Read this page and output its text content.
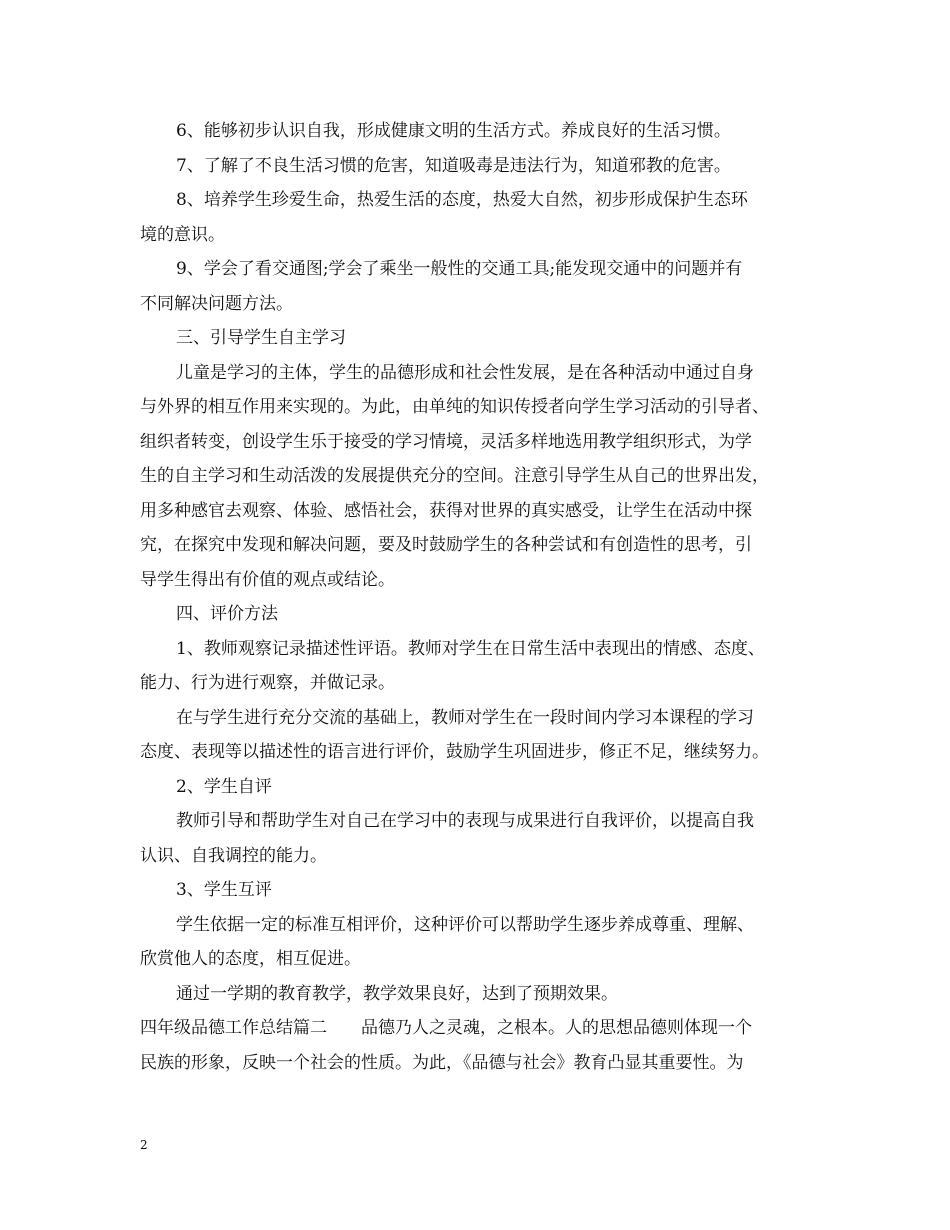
6、能够初步认识自我，形成健康文明的生活方式。养成良好的生活习惯。
7、了解了不良生活习惯的危害，知道吸毒是违法行为，知道邪教的危害。
8、培养学生珍爱生命，热爱生活的态度，热爱大自然，初步形成保护生态环
境的意识。
9、学会了看交通图;学会了乘坐一般性的交通工具;能发现交通中的问题并有
不同解决问题方法。
三、引导学生自主学习
儿童是学习的主体，学生的品德形成和社会性发展，是在各种活动中通过自身
与外界的相互作用来实现的。为此，由单纯的知识传授者向学生学习活动的引导者、
组织者转变，创设学生乐于接受的学习情境，灵活多样地选用教学组织形式，为学
生的自主学习和生动活泼的发展提供充分的空间。注意引导学生从自己的世界出发，
用多种感官去观察、体验、感悟社会，获得对世界的真实感受，让学生在活动中探
究，在探究中发现和解决问题，要及时鼓励学生的各种尝试和有创造性的思考，引
导学生得出有价值的观点或结论。
四、评价方法
1、教师观察记录描述性评语。教师对学生在日常生活中表现出的情感、态度、
能力、行为进行观察，并做记录。
在与学生进行充分交流的基础上，教师对学生在一段时间内学习本课程的学习
态度、表现等以描述性的语言进行评价，鼓励学生巩固进步，修正不足，继续努力。
2、学生自评
教师引导和帮助学生对自己在学习中的表现与成果进行自我评价，以提高自我
认识、自我调控的能力。
3、学生互评
学生依据一定的标准互相评价，这种评价可以帮助学生逐步养成尊重、理解、
欣赏他人的态度，相互促进。
通过一学期的教育教学，教学效果良好，达到了预期效果。
四年级品德工作总结篇二　　品德乃人之灵魂，之根本。人的思想品德则体现一个
民族的形象，反映一个社会的性质。为此，《品德与社会》教育凸显其重要性。为
2
